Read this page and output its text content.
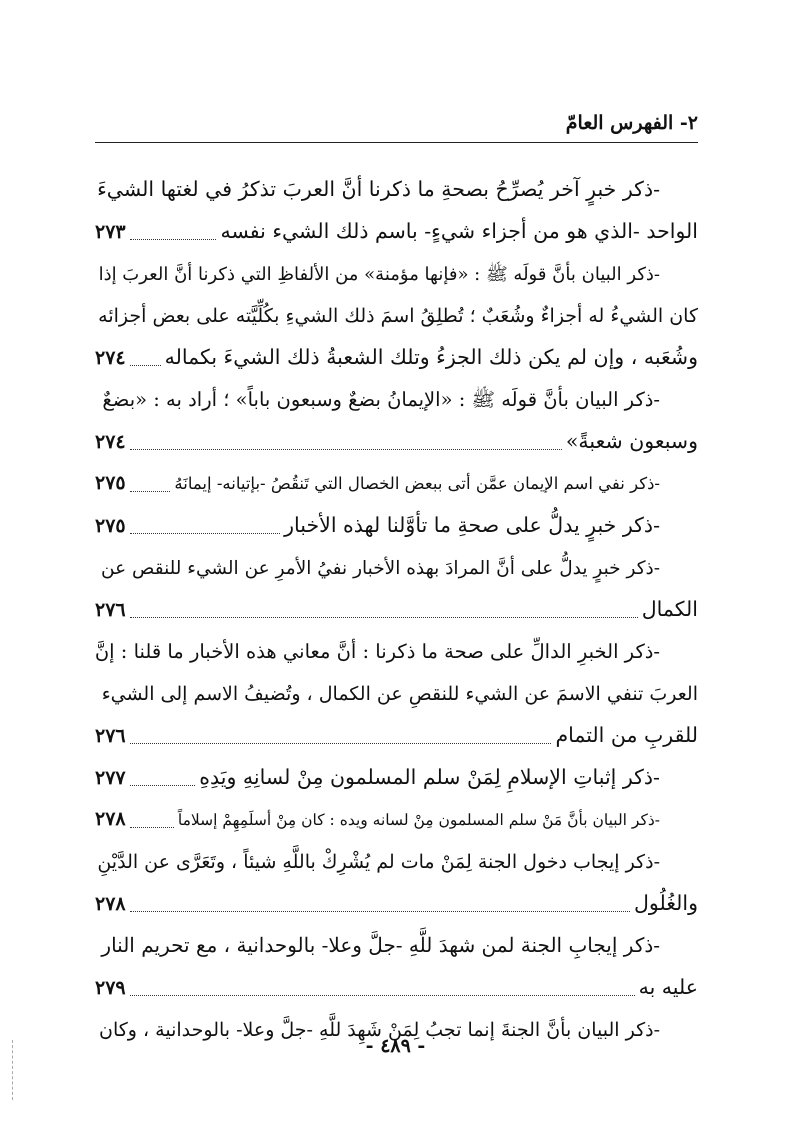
٢- الفهرس العامّ
-ذكر خبرٍ آخر يُصرِّحُ بصحةِ ما ذكرنا أنَّ العربَ تذكرُ في لغتها الشيءَ
الواحد -الذي هو من أجزاء شيءٍ- باسم ذلك الشيء نفسه
٢٧٣
-ذكر البيان بأنَّ قولَه ﷺ : «فإنها مؤمنة» من الألفاظِ التي ذكرنا أنَّ العربَ إذا
كان الشيءُ له أجزاءٌ وشُعَبٌ ؛ تُطلِقُ اسمَ ذلك الشيءِ بكُلِّيَّته على بعض أجزائه
وشُعَبه ، وإن لم يكن ذلك الجزءُ وتلك الشعبةُ ذلك الشيءَ بكماله
٢٧٤
-ذكر البيان بأنَّ قولَه ﷺ : «الإيمانُ بضعٌ وسبعون باباً» ؛ أراد به : «بضعٌ
وسبعون شعبةً»
٢٧٤
-ذكر نفي اسم الإيمان عمَّن أتى ببعض الخصال التي تَنقُصُ -بإتيانه- إيمانَهُ
٢٧٥
-ذكر خبرٍ يدلُّ على صحةِ ما تأوَّلنا لهذه الأخبار
٢٧٥
-ذكر خبرٍ يدلُّ على أنَّ المرادَ بهذه الأخبار نفيُ الأمرِ عن الشيء للنقص عن
الكمال
٢٧٦
-ذكر الخبرِ الدالِّ على صحة ما ذكرنا : أنَّ معاني هذه الأخبار ما قلنا : إنَّ
العربَ تنفي الاسمَ عن الشيء للنقصِ عن الكمال ، وتُضيفُ الاسم إلى الشيء
للقربِ من التمام
٢٧٦
-ذكر إثباتِ الإسلامِ لِمَنْ سلم المسلمون مِنْ لسانِهِ ويَدِهِ
٢٧٧
-ذكر البيان بأنَّ مَنْ سلم المسلمون مِنْ لسانه ويده : كان مِنْ أسلَمِهِمْ إسلاماً
٢٧٨
-ذكر إيجاب دخول الجنة لِمَنْ مات لم يُشْرِكْ باللَّهِ شيئاً ، وتَعَرَّى عن الدَّيْنِ
والغُلُول
٢٧٨
-ذكر إيجابِ الجنة لمن شهدَ للَّهِ -جلَّ وعلا- بالوحدانية ، مع تحريم النار
عليه به
٢٧٩
-ذكر البيان بأنَّ الجنةَ إنما تجبُ لِمَنْ شَهِدَ للَّهِ -جلَّ وعلا- بالوحدانية ، وكان
- ٤٨٩ -
